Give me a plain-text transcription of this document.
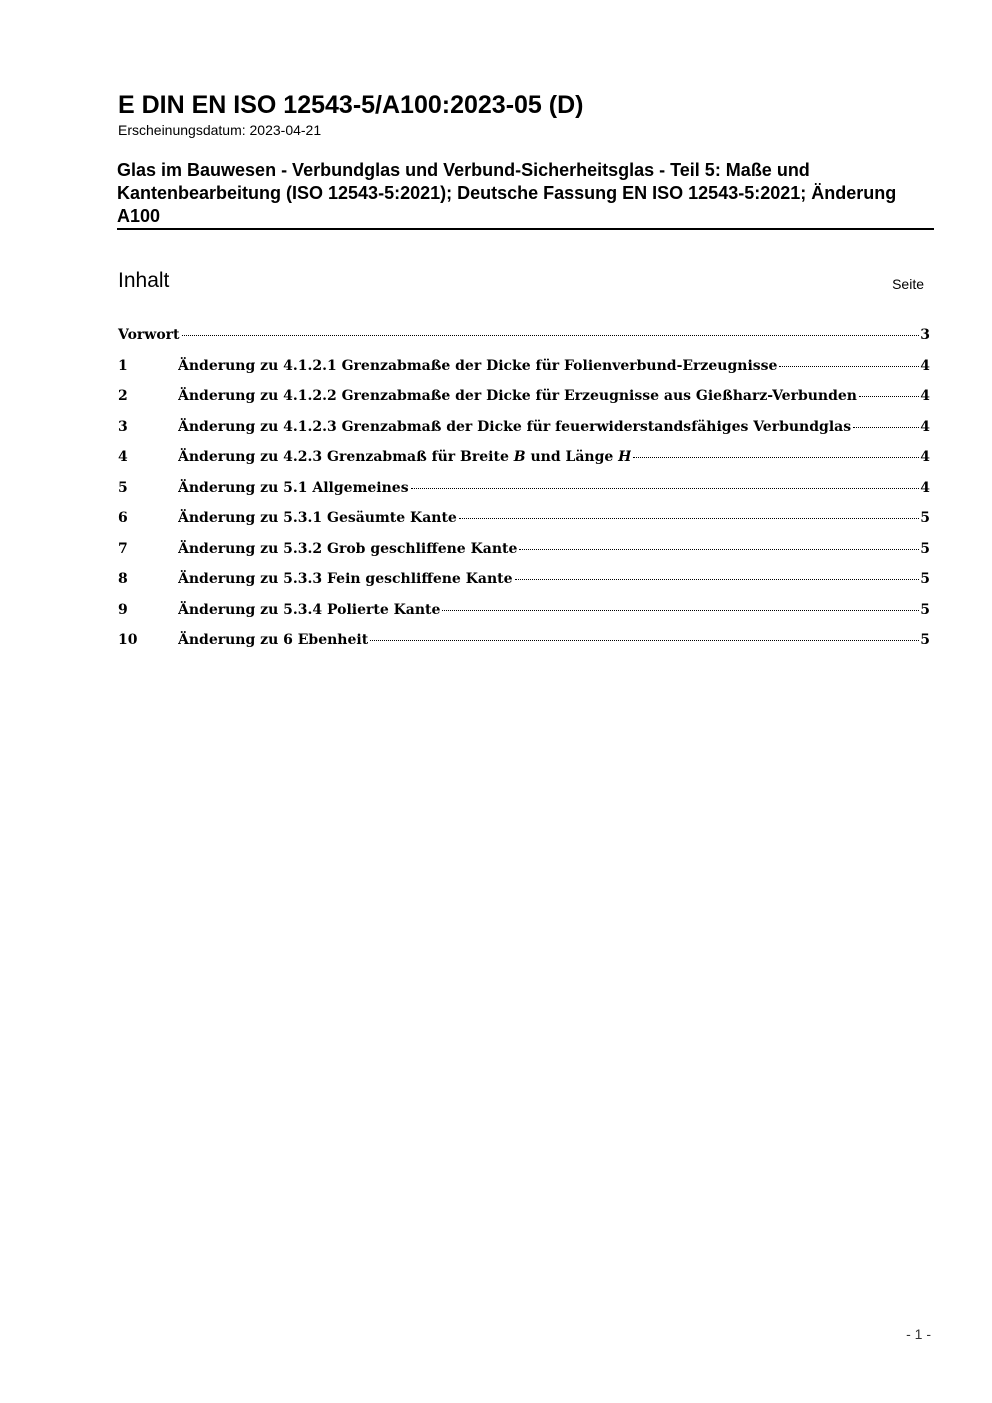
E DIN EN ISO 12543-5/A100:2023-05 (D)
Erscheinungsdatum: 2023-04-21
Glas im Bauwesen - Verbundglas und Verbund-Sicherheitsglas - Teil 5: Maße und Kantenbearbeitung (ISO 12543-5:2021); Deutsche Fassung EN ISO 12543-5:2021; Änderung A100
Inhalt	Seite
Vorwort	3
1	Änderung zu 4.1.2.1 Grenzabmaße der Dicke für Folienverbund-Erzeugnisse	4
2	Änderung zu 4.1.2.2 Grenzabmaße der Dicke für Erzeugnisse aus Gießharz-Verbunden	4
3	Änderung zu 4.1.2.3 Grenzabmaß der Dicke für feuerwiderstandsfähiges Verbundglas	4
4	Änderung zu 4.2.3 Grenzabmaß für Breite B und Länge H	4
5	Änderung zu 5.1 Allgemeines	4
6	Änderung zu 5.3.1 Gesäumte Kante	5
7	Änderung zu 5.3.2 Grob geschliffene Kante	5
8	Änderung zu 5.3.3 Fein geschliffene Kante	5
9	Änderung zu 5.3.4 Polierte Kante	5
10	Änderung zu 6 Ebenheit	5
- 1 -
